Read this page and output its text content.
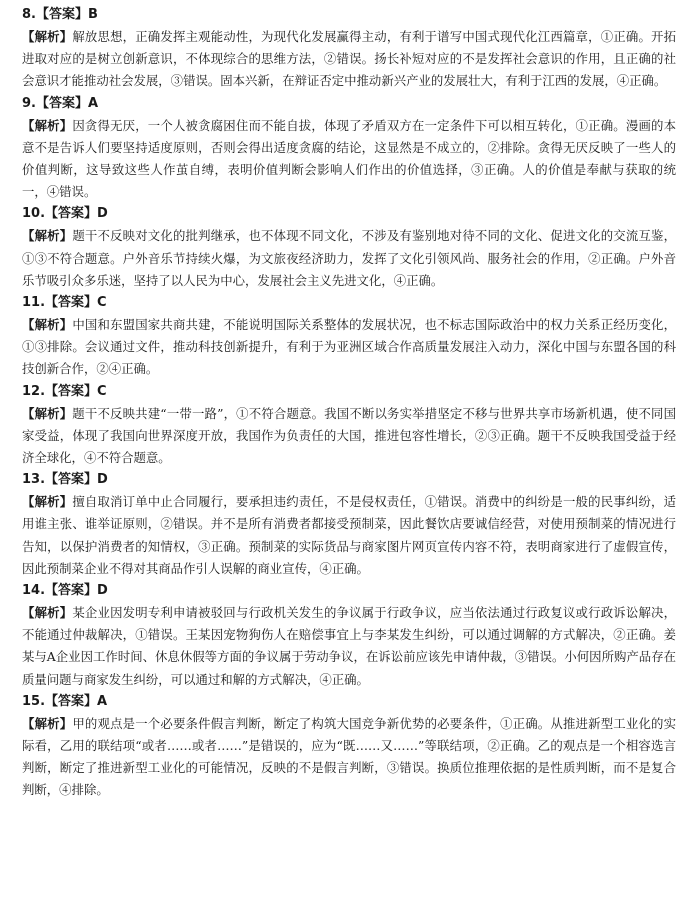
8.【答案】B

【解析】解放思想，正确发挥主观能动性，为现代化发展赢得主动，有利于谱写中国式现代化江西篇章，①正确。开拓进取对应的是树立创新意识，不体现综合的思维方法，②错误。扬长补短对应的不是发挥社会意识的作用，且正确的社会意识才能推动社会发展，③错误。固本兴新，在辩证否定中推动新兴产业的发展壮大，有利于江西的发展，④正确。

9.【答案】A

【解析】因贪得无厌，一个人被贪腐困住而不能自拔，体现了矛盾双方在一定条件下可以相互转化，①正确。漫画的本意不是告诉人们要坚持适度原则，否则会得出适度贪腐的结论，这显然是不成立的，②排除。贪得无厌反映了一些人的价值判断，这导致这些人作茧自缚，表明价值判断会影响人们作出的价值选择，③正确。人的价值是奉献与获取的统一，④错误。

10.【答案】D

【解析】题干不反映对文化的批判继承，也不体现不同文化，不涉及有鉴别地对待不同的文化、促进文化的交流互鉴，①③不符合题意。户外音乐节持续火爆，为文旅夜经济助力，发挥了文化引领风尚、服务社会的作用，②正确。户外音乐节吸引众多乐迷，坚持了以人民为中心，发展社会主义先进文化，④正确。

11.【答案】C

【解析】中国和东盟国家共商共建，不能说明国际关系整体的发展状况，也不标志国际政治中的权力关系正经历变化，①③排除。会议通过文件，推动科技创新提升，有利于为亚洲区域合作高质量发展注入动力，深化中国与东盟各国的科技创新合作，②④正确。

12.【答案】C

【解析】题干不反映共建“一带一路”，①不符合题意。我国不断以务实举措坚定不移与世界共享市场新机遇，使不同国家受益，体现了我国向世界深度开放，我国作为负责任的大国，推进包容性增长，②③正确。题干不反映我国受益于经济全球化，④不符合题意。

13.【答案】D

【解析】擅自取消订单中止合同履行，要承担违约责任，不是侵权责任，①错误。消费中的纠纷是一般的民事纠纷，适用谁主张、谁举证原则，②错误。并不是所有消费者都接受预制菜，因此餐饮店要诚信经营，对使用预制菜的情况进行告知，以保护消费者的知情权，③正确。预制菜的实际货品与商家图片网页宣传内容不符，表明商家进行了虚假宣传，因此预制菜企业不得对其商品作引人误解的商业宣传，④正确。

14.【答案】D

【解析】某企业因发明专利申请被驳回与行政机关发生的争议属于行政争议，应当依法通过行政复议或行政诉讼解决，不能通过仲裁解决，①错误。王某因宠物狗伤人在赔偿事宜上与李某发生纠纷，可以通过调解的方式解决，②正确。姜某与A企业因工作时间、休息休假等方面的争议属于劳动争议，在诉讼前应该先申请仲裁，③错误。小何因所购产品存在质量问题与商家发生纠纷，可以通过和解的方式解决，④正确。

15.【答案】A

【解析】甲的观点是一个必要条件假言判断，断定了构筑大国竞争新优势的必要条件，①正确。从推进新型工业化的实际看，乙用的联结项“或者……或者……”是错误的，应为“既……又……”等联结项，②正确。乙的观点是一个相容选言判断，断定了推进新型工业化的可能情况，反映的不是假言判断，③错误。换质位推理依据的是性质判断，而不是复合判断，④排除。
